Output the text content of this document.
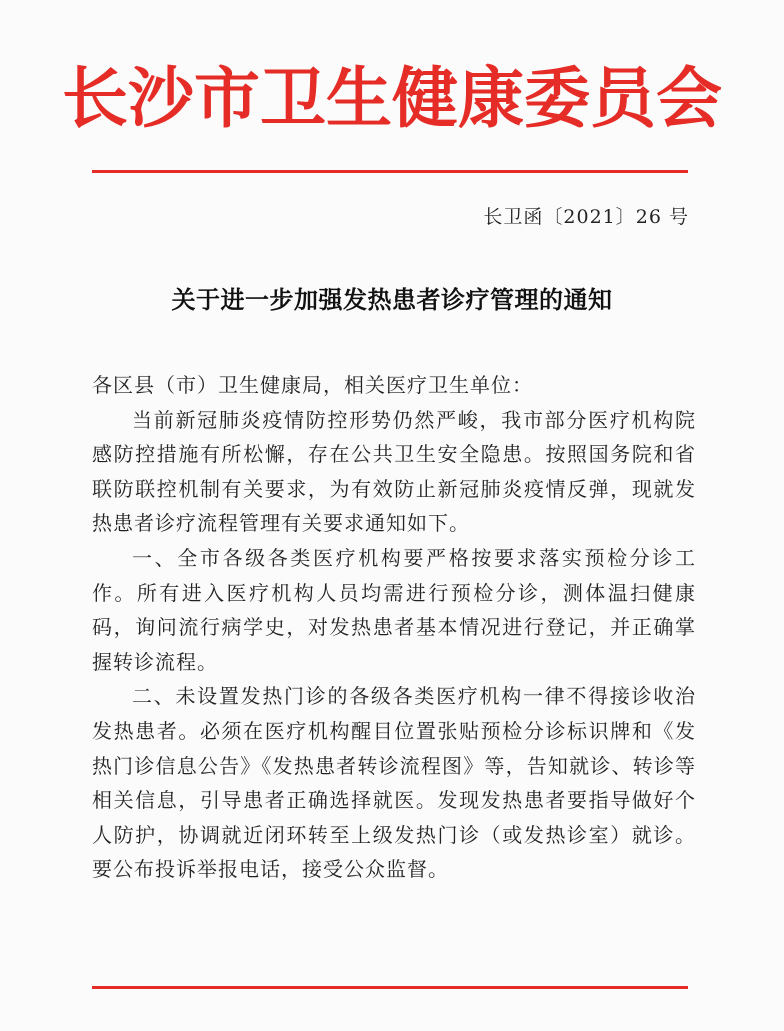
长沙市卫生健康委员会
长卫函〔2021〕26 号
关于进一步加强发热患者诊疗管理的通知

各区县（市）卫生健康局，相关医疗卫生单位：

当前新冠肺炎疫情防控形势仍然严峻，我市部分医疗机构院感防控措施有所松懈，存在公共卫生安全隐患。按照国务院和省联防联控机制有关要求，为有效防止新冠肺炎疫情反弹，现就发热患者诊疗流程管理有关要求通知如下。

一、全市各级各类医疗机构要严格按要求落实预检分诊工作。所有进入医疗机构人员均需进行预检分诊，测体温扫健康码，询问流行病学史，对发热患者基本情况进行登记，并正确掌握转诊流程。

二、未设置发热门诊的各级各类医疗机构一律不得接诊收治发热患者。必须在医疗机构醒目位置张贴预检分诊标识牌和《发热门诊信息公告》《发热患者转诊流程图》等，告知就诊、转诊等相关信息，引导患者正确选择就医。发现发热患者要指导做好个人防护，协调就近闭环转至上级发热门诊（或发热诊室）就诊。要公布投诉举报电话，接受公众监督。
